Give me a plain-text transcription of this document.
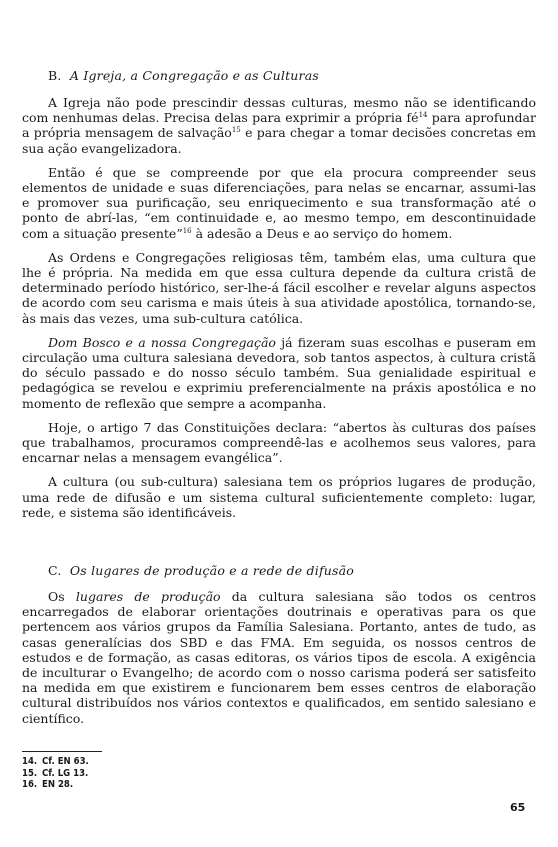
B. A Igreja, a Congregação e as Culturas

A Igreja não pode prescindir dessas culturas, mesmo não se identificando com nenhumas delas. Precisa delas para exprimir a própria $fé^{14}$ para aprofundar a própria mensagem de salvação$^{15}$ e para chegar a tomar decisões concretas em sua ação evangelizadora.

Então é que se compreende por que ela procura compreender seus elementos de unidade e suas diferenciações, para nelas se encarnar, assumi-las e promover sua purificação, seu enriquecimento e sua transformação até o ponto de abrí-las, “em continuidade e, ao mesmo tempo, em descontinuidade com a situação presente”$^{16}$ à adesão a Deus e ao serviço do homem.

As Ordens e Congregações religiosas têm, também elas, uma cultura que lhe é própria. Na medida em que essa cultura depende da cultura cristã de determinado período histórico, ser-lhe-á fácil escolher e revelar alguns aspectos de acordo com seu carisma e mais úteis à sua atividade apostólica, tornando-se, às mais das vezes, uma sub-cultura católica.

Dom Bosco e a nossa Congregação já fizeram suas escolhas e puseram em circulação uma cultura salesiana devedora, sob tantos aspectos, à cultura cristã do século passado e do nosso século também. Sua genialidade espiritual e pedagógica se revelou e exprimiu preferencialmente na práxis apostólica e no momento de reflexão que sempre a acompanha.

Hoje, o artigo 7 das Constituições declara: “abertos às culturas dos países que trabalhamos, procuramos compreendê-las e acolhemos seus valores, para encarnar nelas a mensagem evangélica”.

A cultura (ou sub-cultura) salesiana tem os próprios lugares de produção, uma rede de difusão e um sistema cultural suficientemente completo: lugar, rede, e sistema são identificáveis.

C. Os lugares de produção e a rede de difusão

Os lugares de produção da cultura salesiana são todos os centros encarregados de elaborar orientações doutrinais e operativas para os que pertencem aos vários grupos da Família Salesiana. Portanto, antes de tudo, as casas generalícias dos SBD e das FMA. Em seguida, os nossos centros de estudos e de formação, as casas editoras, os vários tipos de escola. A exigência de inculturar o Evangelho; de acordo com o nosso carisma poderá ser satisfeito na medida em que existirem e funcionarem bem esses centros de elaboração cultural distribuídos nos vários contextos e qualificados, em sentido salesiano e científico.

14. Cf. EN 63.
15. Cf. LG 13.
16. EN 28.
65
